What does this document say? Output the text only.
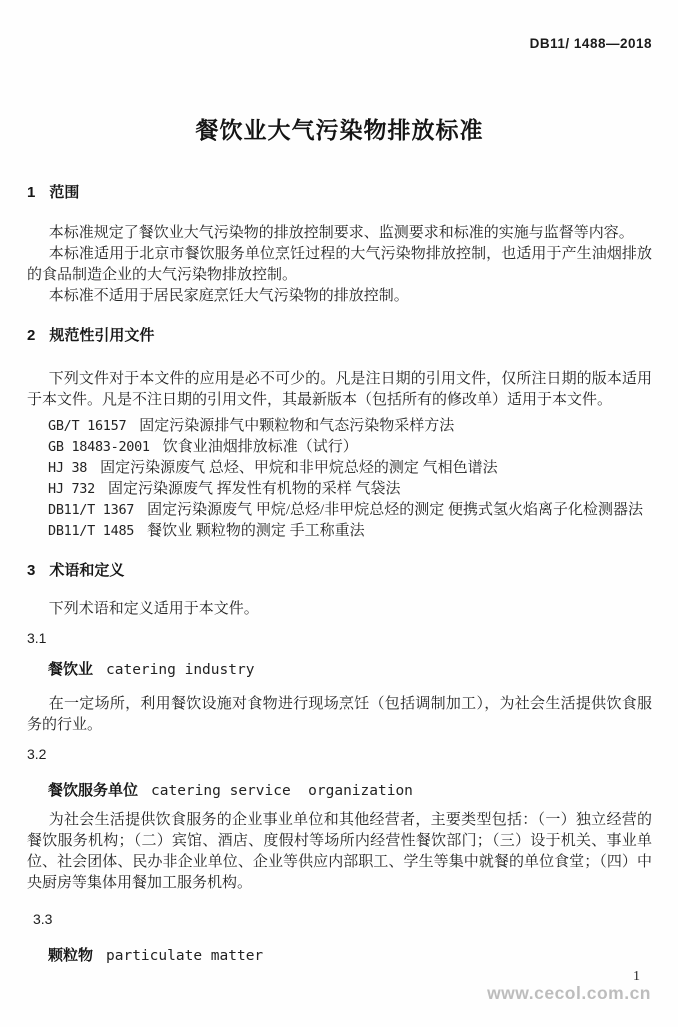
DB11/ 1488—2018
餐饮业大气污染物排放标准
1 范围

本标准规定了餐饮业大气污染物的排放控制要求、监测要求和标准的实施与监督等内容。

本标准适用于北京市餐饮服务单位烹饪过程的大气污染物排放控制，也适用于产生油烟排放的食品制造企业的大气污染物排放控制。

本标准不适用于居民家庭烹饪大气污染物的排放控制。

2 规范性引用文件

下列文件对于本文件的应用是必不可少的。凡是注日期的引用文件，仅所注日期的版本适用于本文件。凡是不注日期的引用文件，其最新版本（包括所有的修改单）适用于本文件。

GB/T 16157 固定污染源排气中颗粒物和气态污染物采样方法
GB 18483-2001 饮食业油烟排放标准（试行）
HJ 38 固定污染源废气 总烃、甲烷和非甲烷总烃的测定 气相色谱法
HJ 732 固定污染源废气 挥发性有机物的采样 气袋法
DB11/T 1367 固定污染源废气 甲烷/总烃/非甲烷总烃的测定 便携式氢火焰离子化检测器法
DB11/T 1485 餐饮业 颗粒物的测定 手工称重法
3 术语和定义

下列术语和定义适用于本文件。

3.1
餐饮业 catering industry

在一定场所，利用餐饮设施对食物进行现场烹饪（包括调制加工），为社会生活提供饮食服务的行业。

3.2
餐饮服务单位 catering service  organization

为社会生活提供饮食服务的企业事业单位和其他经营者，主要类型包括：（一）独立经营的餐饮服务机构；（二）宾馆、酒店、度假村等场所内经营性餐饮部门；（三）设于机关、事业单位、社会团体、民办非企业单位、企业等供应内部职工、学生等集中就餐的单位食堂；（四）中央厨房等集体用餐加工服务机构。

3.3
颗粒物 particulate matter
1
www.cecol.com.cn
